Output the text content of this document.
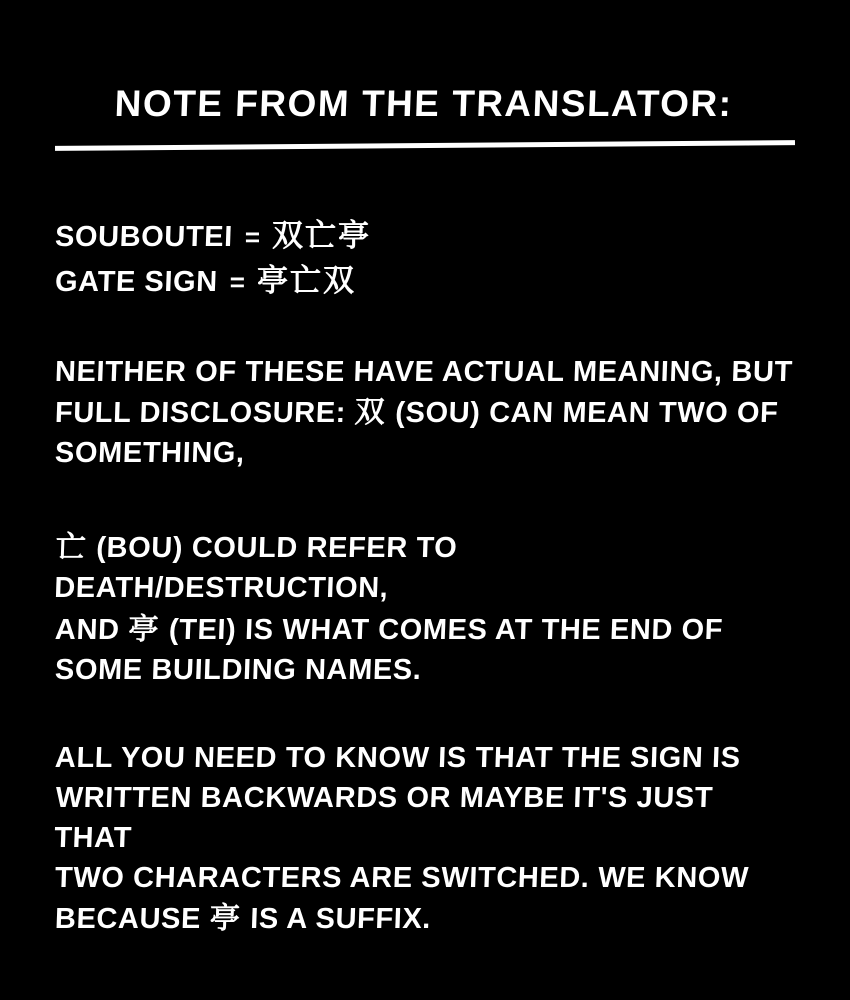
NOTE FROM THE TRANSLATOR:
SOUBOUTEI = 双亡亭
GATE SIGN = 亭亡双

NEITHER OF THESE HAVE ACTUAL MEANING, BUT

FULL DISCLOSURE: 双 (SOU) CAN MEAN TWO OF

SOMETHING,

亡 (BOU) COULD REFER TO DEATH/DESTRUCTION,

AND 亭 (TEI) IS WHAT COMES AT THE END OF

SOME BUILDING NAMES.

ALL YOU NEED TO KNOW IS THAT THE SIGN IS

WRITTEN BACKWARDS OR MAYBE IT'S JUST THAT

TWO CHARACTERS ARE SWITCHED. WE KNOW

BECAUSE 亭 IS A SUFFIX.
